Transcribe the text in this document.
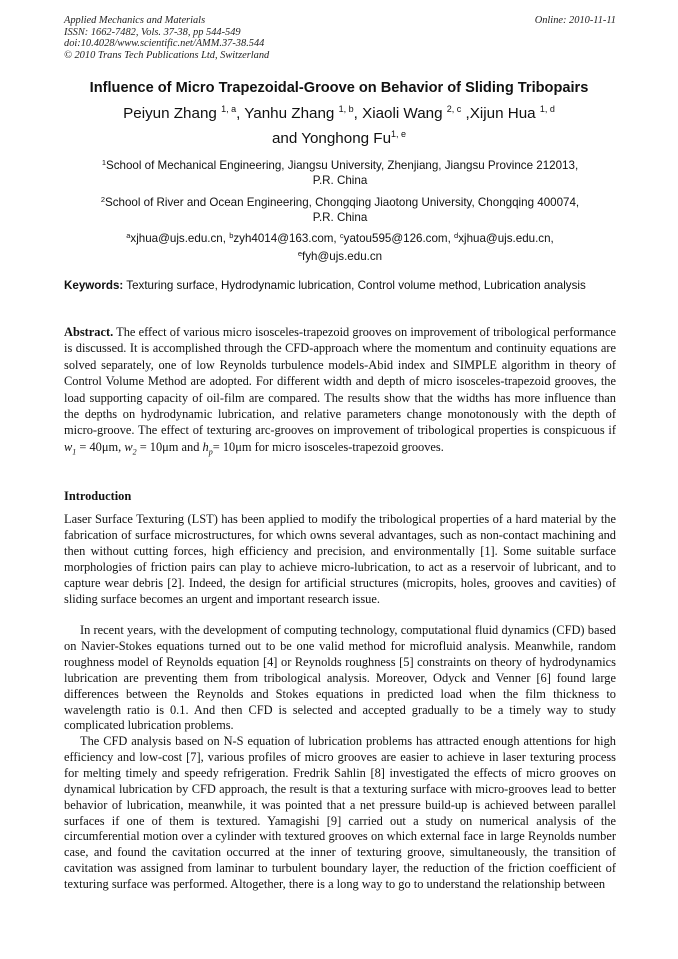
Applied Mechanics and Materials
ISSN: 1662-7482, Vols. 37-38, pp 544-549
doi:10.4028/www.scientific.net/AMM.37-38.544
© 2010 Trans Tech Publications Ltd, Switzerland
Online: 2010-11-11
Influence of Micro Trapezoidal-Groove on Behavior of Sliding Tribopairs
Peiyun Zhang $^{1, a}$, Yanhu Zhang $^{1, b}$, Xiaoli Wang $^{2, c}$ ,Xijun Hua $^{1, d}$
and Yonghong Fu$^{1, e}$
$^1$School of Mechanical Engineering, Jiangsu University, Zhenjiang, Jiangsu Province 212013,
P.R. China
$^2$School of River and Ocean Engineering, Chongqing Jiaotong University, Chongqing 400074,
P.R. China
$^a$xjhua@ujs.edu.cn, $^b$zyh4014@163.com, $^c$yatou595@126.com, $^d$xjhua@ujs.edu.cn,
$^e$fyh@ujs.edu.cn
Keywords: Texturing surface, Hydrodynamic lubrication, Control volume method, Lubrication analysis
Abstract. The effect of various micro isosceles-trapezoid grooves on improvement of tribological performance is discussed. It is accomplished through the CFD-approach where the momentum and continuity equations are solved separately, one of low Reynolds turbulence models-Abid index and SIMPLE algorithm in theory of Control Volume Method are adopted. For different width and depth of micro isosceles-trapezoid grooves, the load supporting capacity of oil-film are compared. The results show that the widths has more influence than the depths on hydrodynamic lubrication, and relative parameters change monotonously with the depth of micro-groove. The effect of texturing arc-grooves on improvement of tribological properties is conspicuous if $w_1 = 40\mu m$, $w_2 = 10\mu m$ and $h_p= 10\mu m$ for micro isosceles-trapezoid grooves.
Introduction
Laser Surface Texturing (LST) has been applied to modify the tribological properties of a hard material by the fabrication of surface microstructures, for which owns several advantages, such as non-contact machining and then without cutting forces, high efficiency and precision, and environmentally [1]. Some suitable surface morphologies of friction pairs can play to achieve micro-lubrication, to act as a reservoir of lubricant, and to capture wear debris [2]. Indeed, the design for artificial structures (micropits, holes, grooves and cavities) of sliding surface becomes an urgent and important research issue.
In recent years, with the development of computing technology, computational fluid dynamics (CFD) based on Navier-Stokes equations turned out to be one valid method for microfluid analysis. Meanwhile, random roughness model of Reynolds equation [4] or Reynolds roughness [5] constraints on theory of hydrodynamics lubrication are preventing them from tribological analysis. Moreover, Odyck and Venner [6] found large differences between the Reynolds and Stokes equations in predicted load when the film thickness to wavelength ratio is 0.1. And then CFD is selected and accepted gradually to be a timely way to study complicated lubrication problems.
The CFD analysis based on N-S equation of lubrication problems has attracted enough attentions for high efficiency and low-cost [7], various profiles of micro grooves are easier to achieve in laser texturing process for melting timely and speedy refrigeration. Fredrik Sahlin [8] investigated the effects of micro grooves on dynamical lubrication by CFD approach, the result is that a texturing surface with micro-grooves lead to better behavior of lubrication, meanwhile, it was pointed that a net pressure build-up is achieved between parallel surfaces if one of them is textured. Yamagishi [9] carried out a study on numerical analysis of the circumferential motion over a cylinder with textured grooves on which external face in large Reynolds number case, and found the cavitation occurred at the inner of texturing groove, simultaneously, the transition of cavitation was assigned from laminar to turbulent boundary layer, the reduction of the friction coefficient of texturing surface was performed. Altogether, there is a long way to go to understand the relationship between
